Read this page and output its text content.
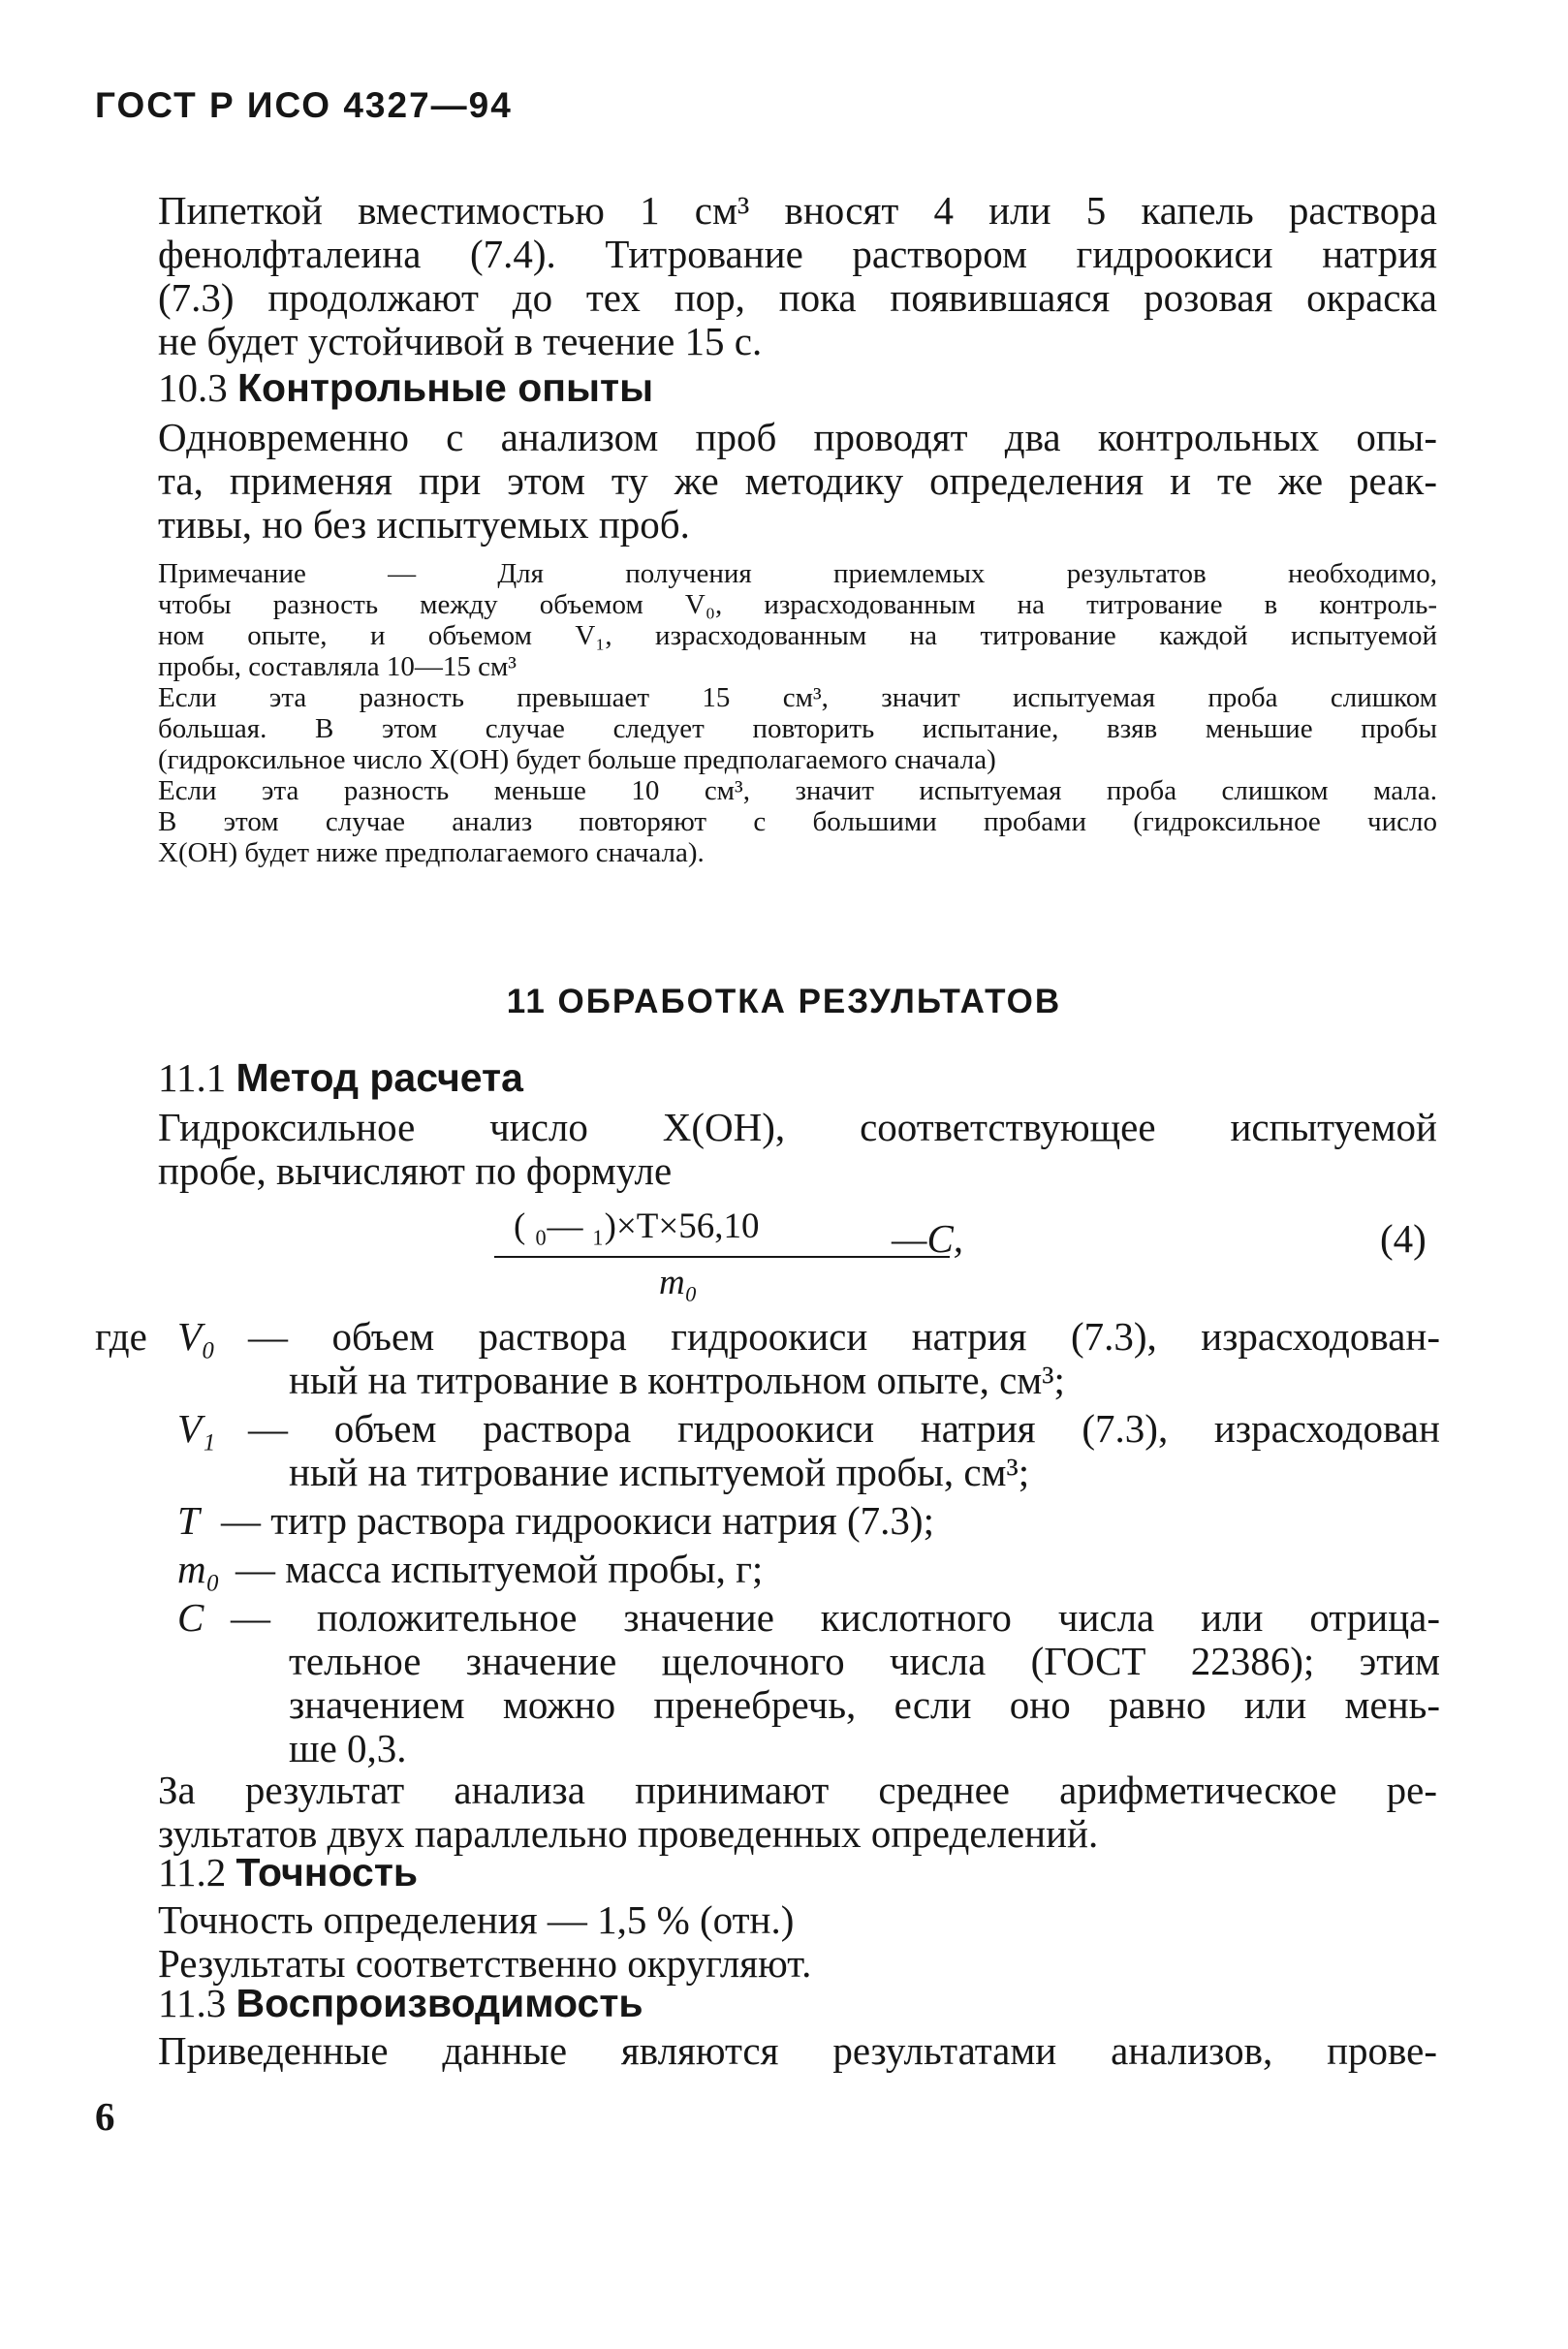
ГОСТ Р ИСО 4327—94
Пипеткой вместимостью 1 см³ вносят 4 или 5 капель раствора
фенолфталеина (7.4). Титрование раствором гидроокиси натрия
(7.3) продолжают до тех пор, пока появившаяся розовая окраска
не будет устойчивой в течение 15 с.
10.3 Контрольные опыты
Одновременно с анализом проб проводят два контрольных опы-
та, применяя при этом ту же методику определения и те же реак-
тивы, но без испытуемых проб.
Примечание — Для получения приемлемых результатов необходимо,
чтобы разность между объемом V₀, израсходованным на титрование в контроль-
ном опыте, и объемом V₁, израсходованным на титрование каждой испытуемой
пробы, составляла 10—15 см³
Если эта разность превышает 15 см³, значит испытуемая проба слишком
большая. В этом случае следует повторить испытание, взяв меньшие пробы
(гидроксильное число X(ОН) будет больше предполагаемого сначала)
Если эта разность меньше 10 см³, значит испытуемая проба слишком мала.
В этом случае анализ повторяют с большими пробами (гидроксильное число
X(ОН) будет ниже предполагаемого сначала).
11 ОБРАБОТКА РЕЗУЛЬТАТОВ
11.1 Метод расчета
Гидроксильное число X(ОН), соответствующее испытуемой
пробе, вычисляют по формуле
( ₀— ₁)×T×56,10
m₀
—C,	(4)
где V₀ — объем раствора гидроокиси натрия (7.3), израсходован-
ный на титрование в контрольном опыте, см³;
V₁ — объем раствора гидроокиси натрия (7.3), израсходован
ный на титрование испытуемой пробы, см³;
T — титр раствора гидроокиси натрия (7.3);
m₀ — масса испытуемой пробы, г;
C — положительное значение кислотного числа или отрица-
тельное значение щелочного числа (ГОСТ 22386); этим
значением можно пренебречь, если оно равно или мень-
ше 0,3.
За результат анализа принимают среднее арифметическое ре-
зультатов двух параллельно проведенных определений.
11.2 Точность
Точность определения — 1,5 % (отн.)
Результаты соответственно округляют.
11.3 Воспроизводимость
Приведенные данные являются результатами анализов, прове-
6
